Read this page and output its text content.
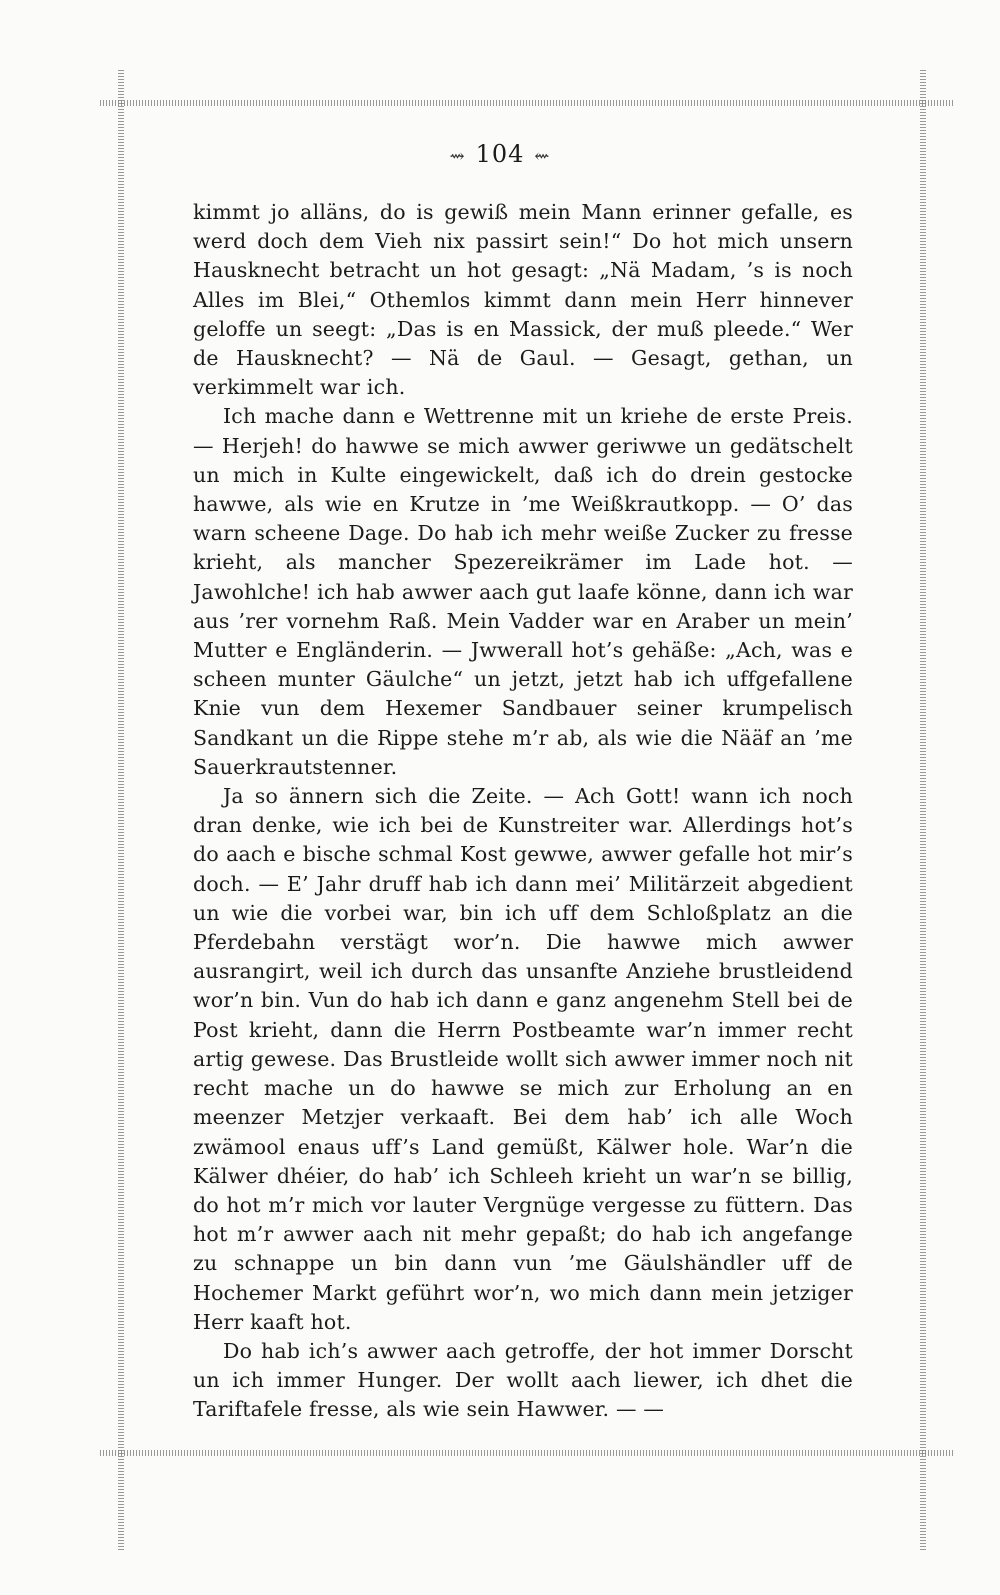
⇝ 104 ⇜

kimmt jo alläns, do is gewiß mein Mann erinner gefalle, es werd doch dem Vieh nix passirt sein!“ Do hot mich unsern Hausknecht betracht un hot gesagt: „Nä Madam, ’s is noch Alles im Blei,“ Othemlos kimmt dann mein Herr hinnever geloffe un seegt: „Das is en Massick, der muß pleede.“ Wer de Hausknecht? — Nä de Gaul. — Gesagt, gethan, un verkimmelt war ich.

Ich mache dann e Wettrenne mit un kriehe de erste Preis. — Herjeh! do hawwe se mich awwer geriwwe un gedätschelt un mich in Kulte eingewickelt, daß ich do drein gestocke hawwe, als wie en Krutze in ’me Weißkrautkopp. — O’ das warn scheene Dage. Do hab ich mehr weiße Zucker zu fresse krieht, als mancher Spezereikrämer im Lade hot. — Jawohlche! ich hab awwer aach gut laafe könne, dann ich war aus ’rer vornehm Raß. Mein Vadder war en Araber un mein’ Mutter e Engländerin. — Jwwerall hot’s gehäße: „Ach, was e scheen munter Gäulche“ un jetzt, jetzt hab ich uffgefallene Knie vun dem Hexemer Sandbauer seiner krumpelisch Sandkant un die Rippe stehe m’r ab, als wie die Nääf an ’me Sauerkrautstenner.

Ja so ännern sich die Zeite. — Ach Gott! wann ich noch dran denke, wie ich bei de Kunstreiter war. Allerdings hot’s do aach e bische schmal Kost gewwe, awwer gefalle hot mir’s doch. — E’ Jahr druff hab ich dann mei’ Militärzeit abgedient un wie die vorbei war, bin ich uff dem Schloßplatz an die Pferdebahn verstägt wor’n. Die hawwe mich awwer ausrangirt, weil ich durch das unsanfte Anziehe brustleidend wor’n bin. Vun do hab ich dann e ganz angenehm Stell bei de Post krieht, dann die Herrn Postbeamte war’n immer recht artig gewese. Das Brustleide wollt sich awwer immer noch nit recht mache un do hawwe se mich zur Erholung an en meenzer Metzjer verkaaft. Bei dem hab’ ich alle Woch zwämool enaus uff’s Land gemüßt, Kälwer hole. War’n die Kälwer dhéier, do hab’ ich Schleeh krieht un war’n se billig, do hot m’r mich vor lauter Vergnüge vergesse zu füttern. Das hot m’r awwer aach nit mehr gepaßt; do hab ich angefange zu schnappe un bin dann vun ’me Gäulshändler uff de Hochemer Markt geführt wor’n, wo mich dann mein jetziger Herr kaaft hot.

Do hab ich’s awwer aach getroffe, der hot immer Dorscht un ich immer Hunger. Der wollt aach liewer, ich dhet die Tariftafele fresse, als wie sein Hawwer. — —
